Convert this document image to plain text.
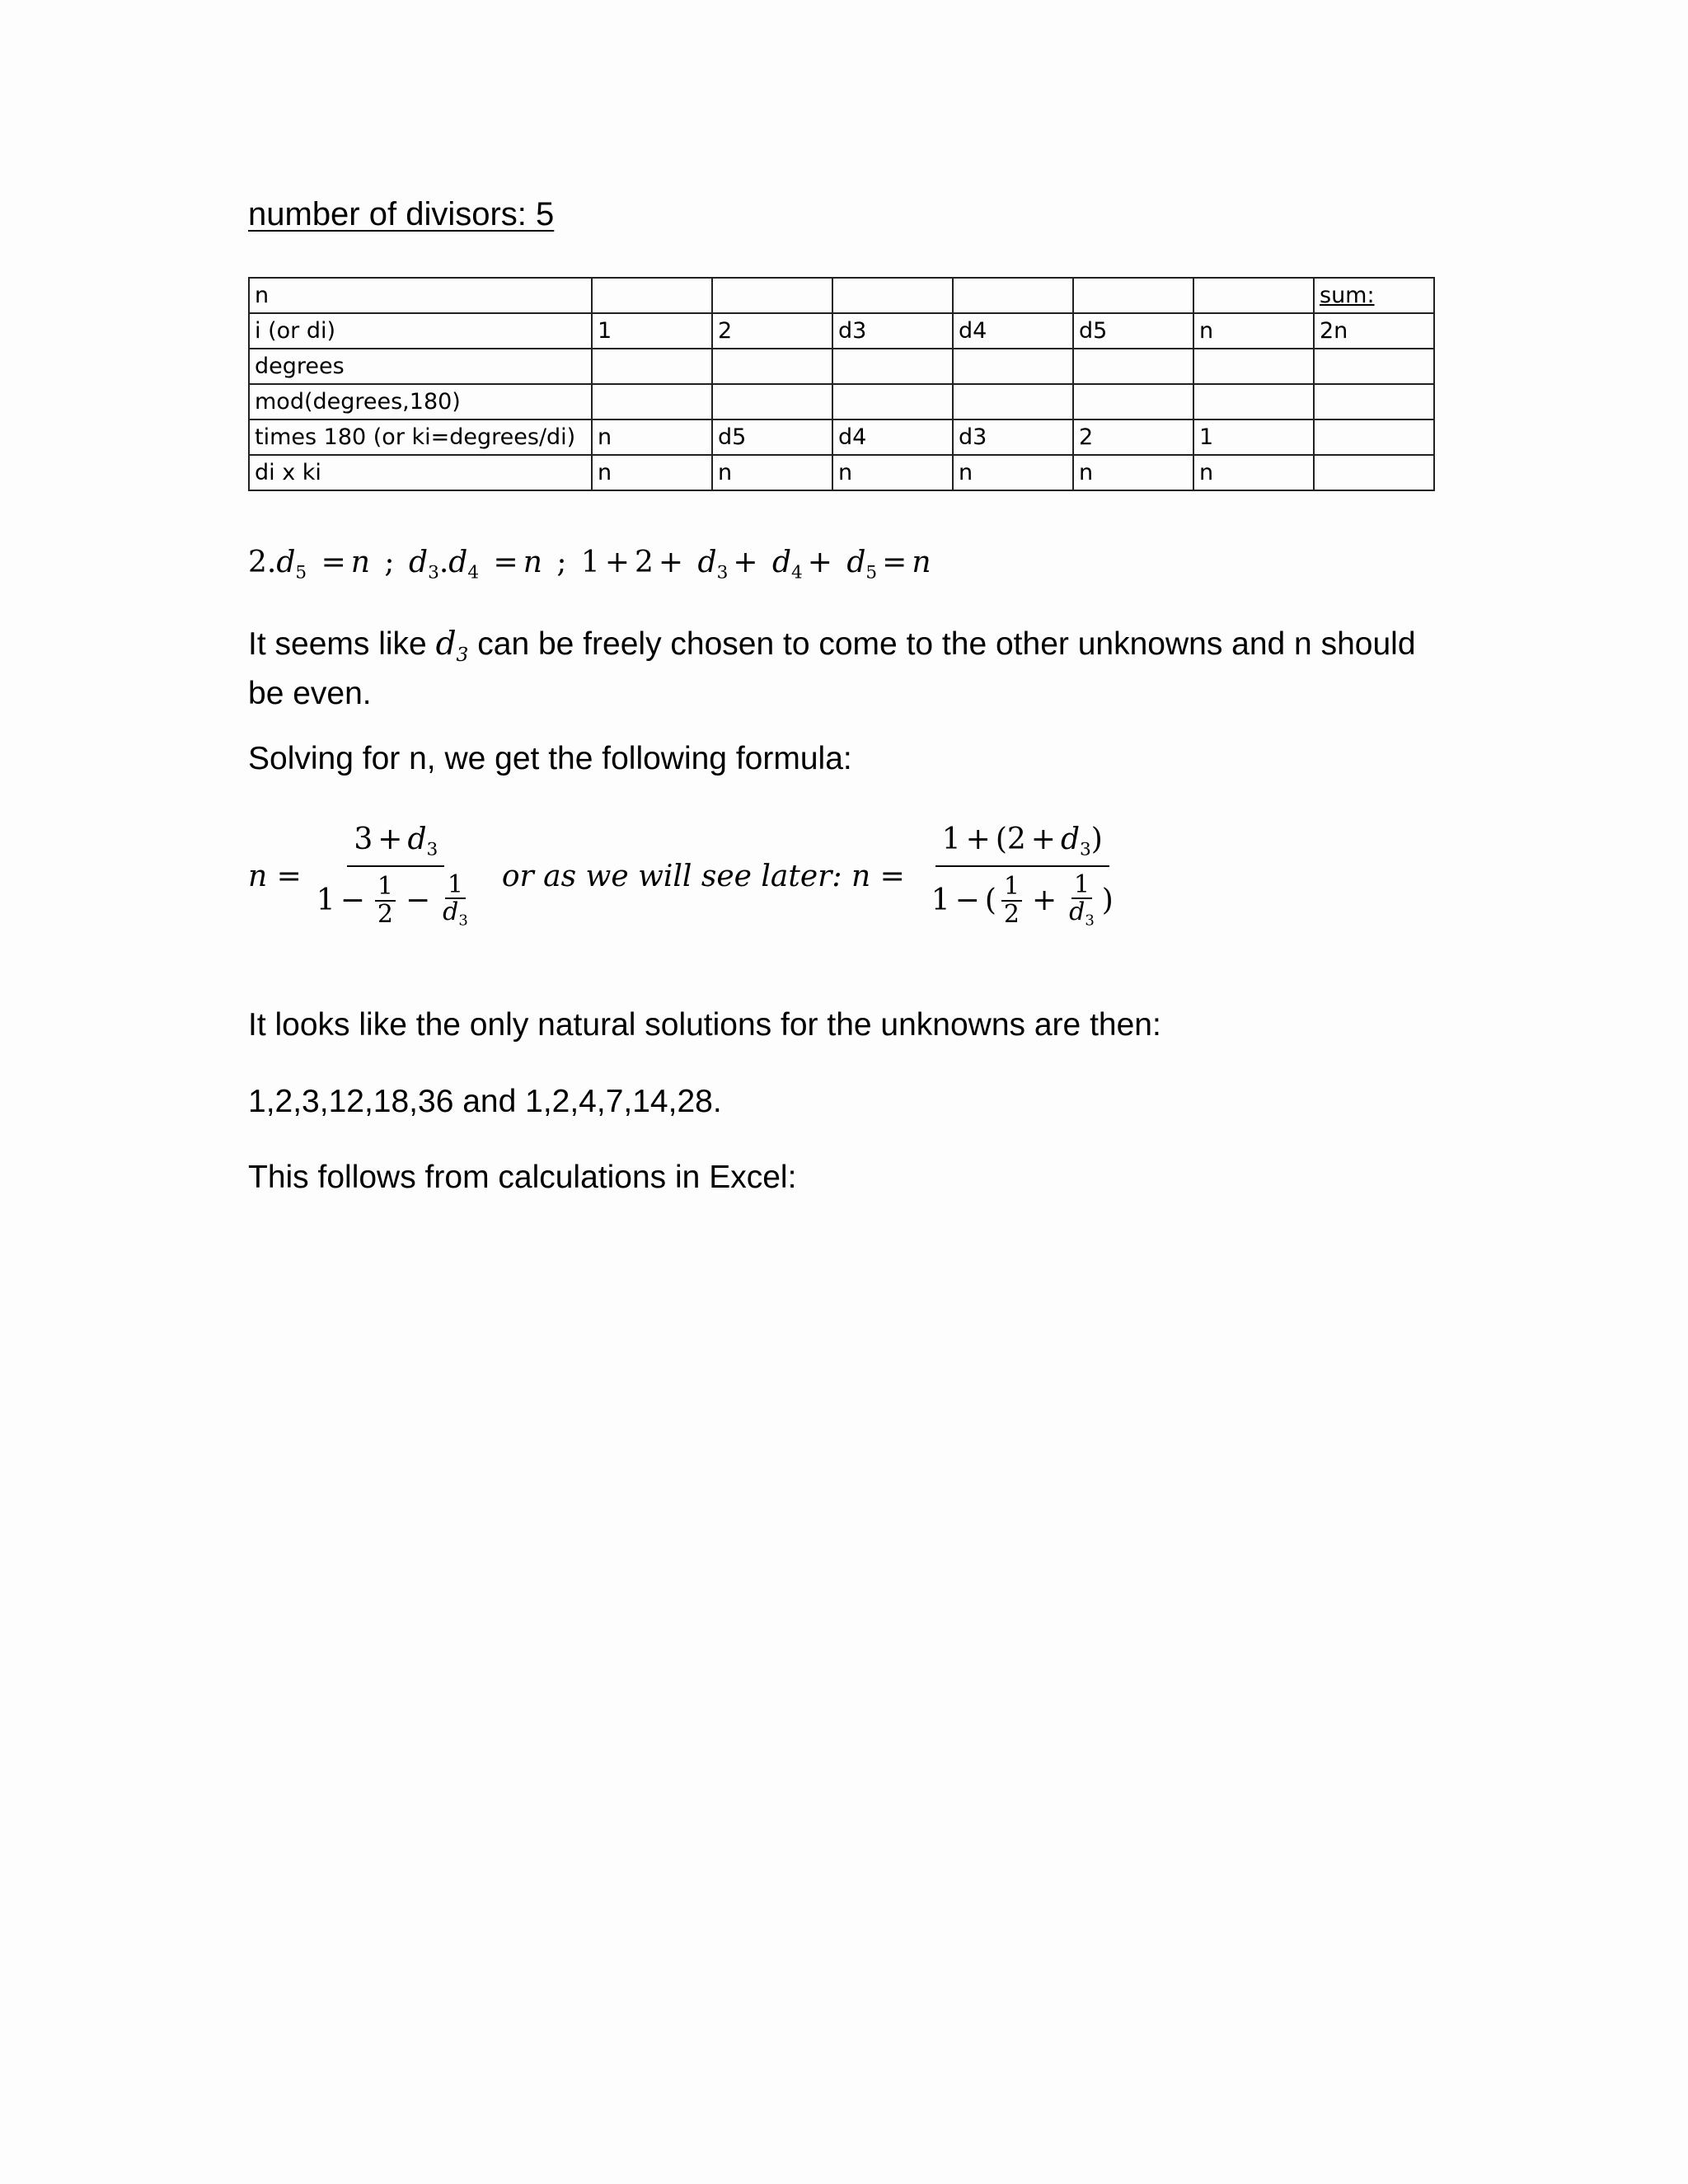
number of divisors: 5
n							sum:
i (or di)	1	2	d3	d4	d5	n	2n
degrees							
mod(degrees,180)							
times 180 (or ki=degrees/di)	n	d5	d4	d3	2	1	
di x ki	n	n	n	n	n	n	
$2.d_5 = n$ ; $d_3.d_4 = n$ ; $1 + 2 + d_3 + d_4 + d_5 = n$
It seems like $d_3$ can be freely chosen to come to the other unknowns and n should be even.
Solving for n, we get the following formula:
$n = \frac{3 + d_3}{1 - \frac{1}{2} - \frac{1}{d_3}}$ or as we will see later: $n = \frac{1 + (2 + d_3)}{1 - ( \frac{1}{2} + \frac{1}{d_3} )}$
It looks like the only natural solutions for the unknowns are then:
1,2,3,12,18,36 and 1,2,4,7,14,28.
This follows from calculations in Excel:
